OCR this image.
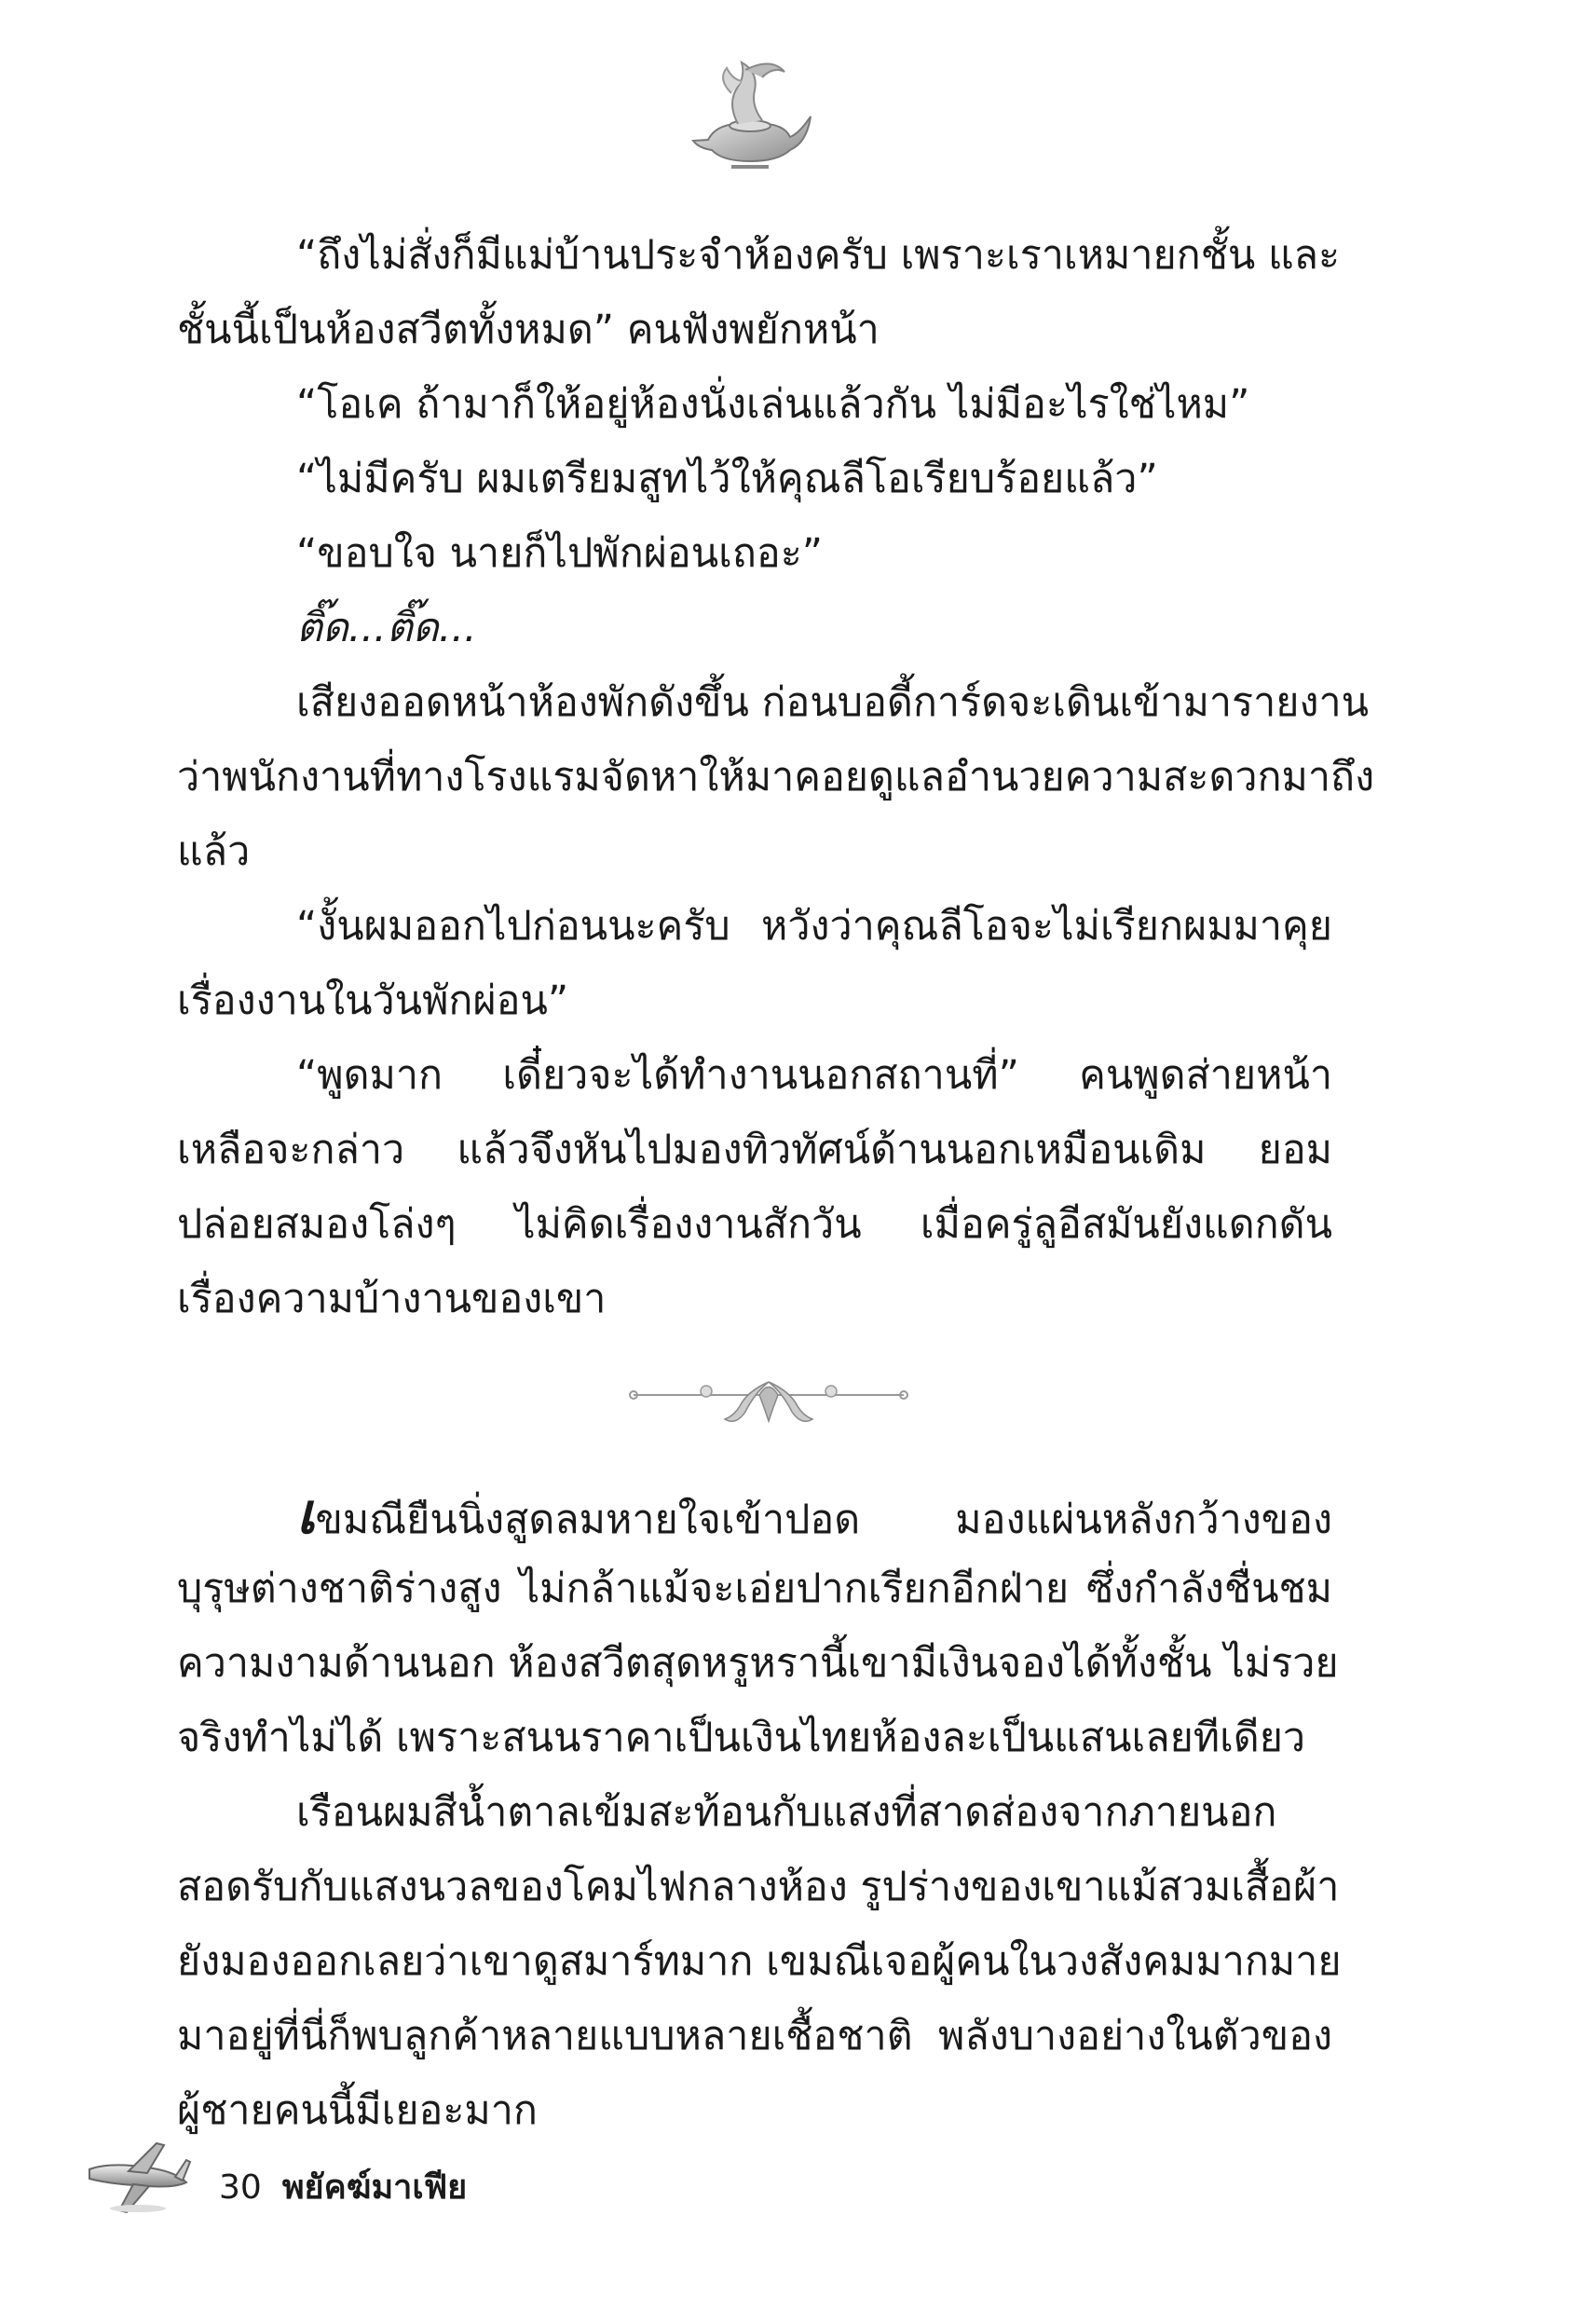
“ถึงไม่สั่งก็มีแม่บ้านประจำห้องครับ เพราะเราเหมายกชั้น และ
ชั้นนี้เป็นห้องสวีตทั้งหมด” คนฟังพยักหน้า
“โอเค ถ้ามาก็ให้อยู่ห้องนั่งเล่นแล้วกัน ไม่มีอะไรใช่ไหม”
“ไม่มีครับ ผมเตรียมสูทไว้ให้คุณลีโอเรียบร้อยแล้ว”
“ขอบใจ นายก็ไปพักผ่อนเถอะ”
ติ๊ด...ติ๊ด...
เสียงออดหน้าห้องพักดังขึ้น ก่อนบอดี้การ์ดจะเดินเข้ามารายงาน
ว่าพนักงานที่ทางโรงแรมจัดหาให้มาคอยดูแลอำนวยความสะดวกมาถึง
แล้ว
“งั้นผมออกไปก่อนนะครับ หวังว่าคุณลีโอจะไม่เรียกผมมาคุย
เรื่องงานในวันพักผ่อน”
“พูดมาก เดี๋ยวจะได้ทำงานนอกสถานที่” คนพูดส่ายหน้า
เหลือจะกล่าว แล้วจึงหันไปมองทิวทัศน์ด้านนอกเหมือนเดิม ยอม
ปล่อยสมองโล่งๆ ไม่คิดเรื่องงานสักวัน เมื่อครู่ลูอีสมันยังแดกดัน
เรื่องความบ้างานของเขา
เขมณียืนนิ่งสูดลมหายใจเข้าปอด มองแผ่นหลังกว้างของ
บุรุษต่างชาติร่างสูง ไม่กล้าแม้จะเอ่ยปากเรียกอีกฝ่าย ซึ่งกำลังชื่นชม
ความงามด้านนอก ห้องสวีตสุดหรูหรานี้เขามีเงินจองได้ทั้งชั้น ไม่รวย
จริงทำไม่ได้ เพราะสนนราคาเป็นเงินไทยห้องละเป็นแสนเลยทีเดียว
เรือนผมสีน้ำตาลเข้มสะท้อนกับแสงที่สาดส่องจากภายนอก
สอดรับกับแสงนวลของโคมไฟกลางห้อง รูปร่างของเขาแม้สวมเสื้อผ้า
ยังมองออกเลยว่าเขาดูสมาร์ทมาก เขมณีเจอผู้คนในวงสังคมมากมาย
มาอยู่ที่นี่ก็พบลูกค้าหลายแบบหลายเชื้อชาติ พลังบางอย่างในตัวของ
ผู้ชายคนนี้มีเยอะมาก
30 พยัคฆ์มาเฟีย
